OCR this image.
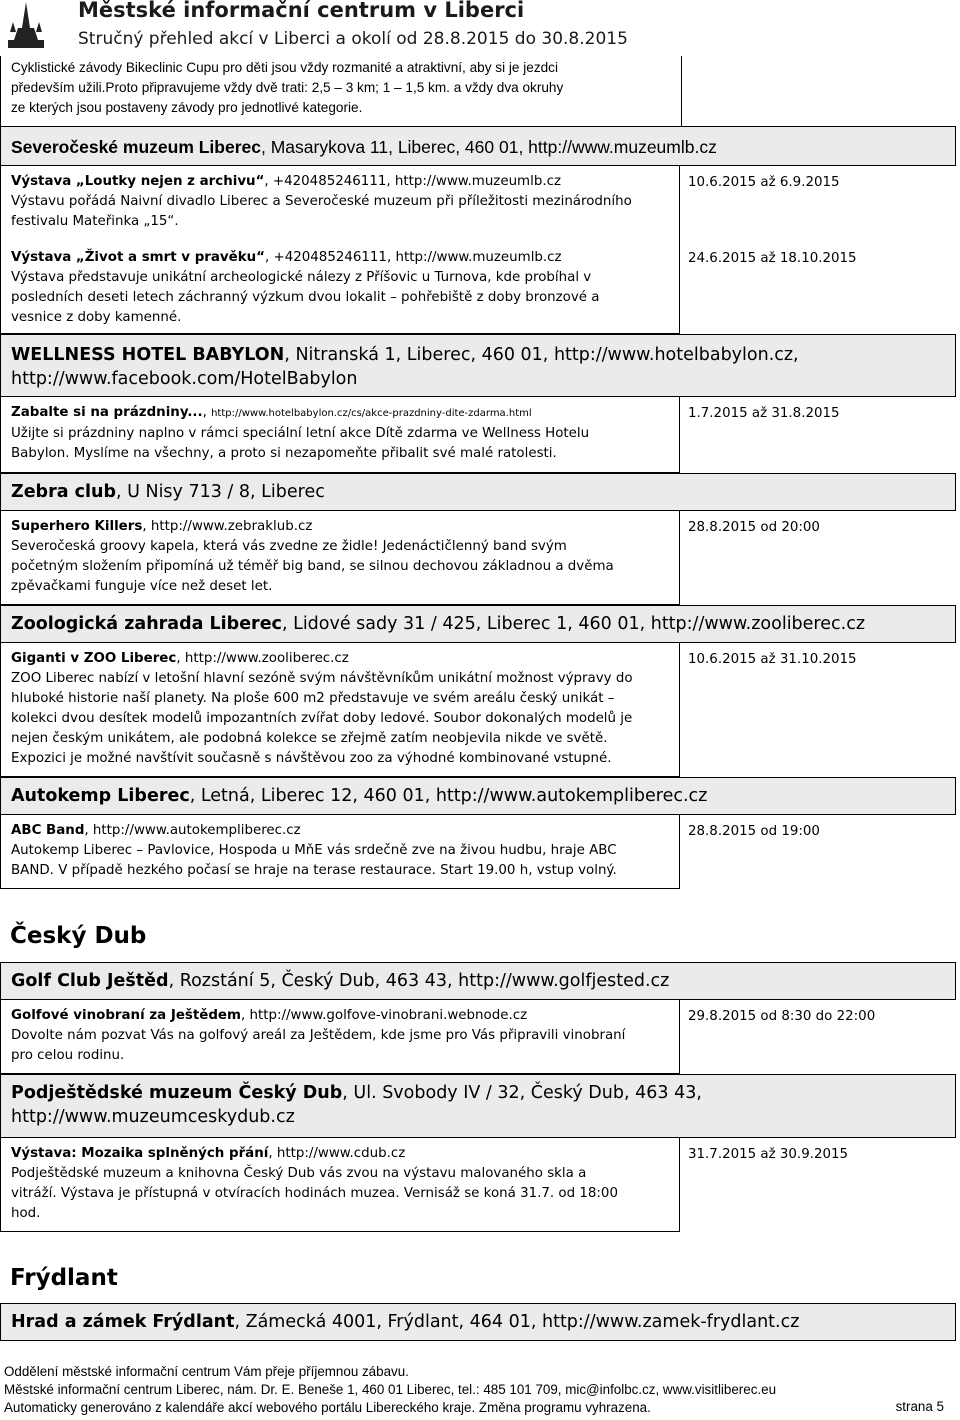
Městské informační centrum v Liberci
Stručný přehled akcí v Liberci a okolí od 28.8.2015 do 30.8.2015
Cyklistické závody Bikeclinic Cupu pro děti jsou vždy rozmanité a atraktivní, aby si je jezdci
především užili.Proto připravujeme vždy dvě trati: 2,5 – 3 km; 1 – 1,5 km. a vždy dva okruhy
ze kterých jsou postaveny závody pro jednotlivé kategorie.
Severočeské muzeum Liberec, Masarykova 11, Liberec, 460 01, http://www.muzeumlb.cz
Výstava „Loutky nejen z archivu“, +420485246111, http://www.muzeumlb.cz
Výstavu pořádá Naivní divadlo Liberec a Severočeské muzeum při příležitosti mezinárodního
festivalu Mateřinka „15“.
Výstava „Život a smrt v pravěku“, +420485246111, http://www.muzeumlb.cz
Výstava představuje unikátní archeologické nálezy z Příšovic u Turnova, kde probíhal v
posledních deseti letech záchranný výzkum dvou lokalit – pohřebiště z doby bronzové a
vesnice z doby kamenné.
10.6.2015 až 6.9.2015
24.6.2015 až 18.10.2015
WELLNESS HOTEL BABYLON, Nitranská 1, Liberec, 460 01, http://www.hotelbabylon.cz,
http://www.facebook.com/HotelBabylon
Zabalte si na prázdniny..., http://www.hotelbabylon.cz/cs/akce-prazdniny-dite-zdarma.html
Užijte si prázdniny naplno v rámci speciální letní akce Dítě zdarma ve Wellness Hotelu
Babylon. Myslíme na všechny, a proto si nezapomeňte přibalit své malé ratolesti.
1.7.2015 až 31.8.2015
Zebra club, U Nisy 713 / 8, Liberec
Superhero Killers, http://www.zebraklub.cz
Severočeská groovy kapela, která vás zvedne ze židle! Jedenáctičlenný band svým
početným složením připomíná už téměř big band, se silnou dechovou základnou a dvěma
zpěvačkami funguje více než deset let.
28.8.2015 od 20:00
Zoologická zahrada Liberec, Lidové sady 31 / 425, Liberec 1, 460 01, http://www.zooliberec.cz
Giganti v ZOO Liberec, http://www.zooliberec.cz
ZOO Liberec nabízí v letošní hlavní sezóně svým návštěvníkům unikátní možnost výpravy do
hluboké historie naší planety. Na ploše 600 m2 představuje ve svém areálu český unikát –
kolekci dvou desítek modelů impozantních zvířat doby ledové. Soubor dokonalých modelů je
nejen českým unikátem, ale podobná kolekce se zřejmě zatím neobjevila nikde ve světě.
Expozici je možné navštívit současně s návštěvou zoo za výhodné kombinované vstupné.
10.6.2015 až 31.10.2015
Autokemp Liberec, Letná, Liberec 12, 460 01, http://www.autokempliberec.cz
ABC Band, http://www.autokempliberec.cz
Autokemp Liberec – Pavlovice, Hospoda u MňE vás srdečně zve na živou hudbu, hraje ABC
BAND. V případě hezkého počasí se hraje na terase restaurace. Start 19.00 h, vstup volný.
28.8.2015 od 19:00
Český Dub
Golf Club Ještěd, Rozstání 5, Český Dub, 463 43, http://www.golfjested.cz
Golfové vinobraní za Ještědem, http://www.golfove-vinobrani.webnode.cz
Dovolte nám pozvat Vás na golfový areál za Ještědem, kde jsme pro Vás připravili vinobraní
pro celou rodinu.
29.8.2015 od 8:30 do 22:00
Podještědské muzeum Český Dub, Ul. Svobody IV / 32, Český Dub, 463 43,
http://www.muzeumceskydub.cz
Výstava: Mozaika splněných přání, http://www.cdub.cz
Podještědské muzeum a knihovna Český Dub vás zvou na výstavu malovaného skla a
vitráží. Výstava je přístupná v otvíracích hodinách muzea. Vernisáž se koná 31.7. od 18:00
hod.
31.7.2015 až 30.9.2015
Frýdlant
Hrad a zámek Frýdlant, Zámecká 4001, Frýdlant, 464 01, http://www.zamek-frydlant.cz
Oddělení městské informační centrum Vám přeje příjemnou zábavu.
Městské informační centrum Liberec, nám. Dr. E. Beneše 1, 460 01 Liberec, tel.: 485 101 709, mic@infolbc.cz, www.visitliberec.eu
Automaticky generováno z kalendáře akcí webového portálu Libereckého kraje. Změna programu vyhrazena.	strana 5
